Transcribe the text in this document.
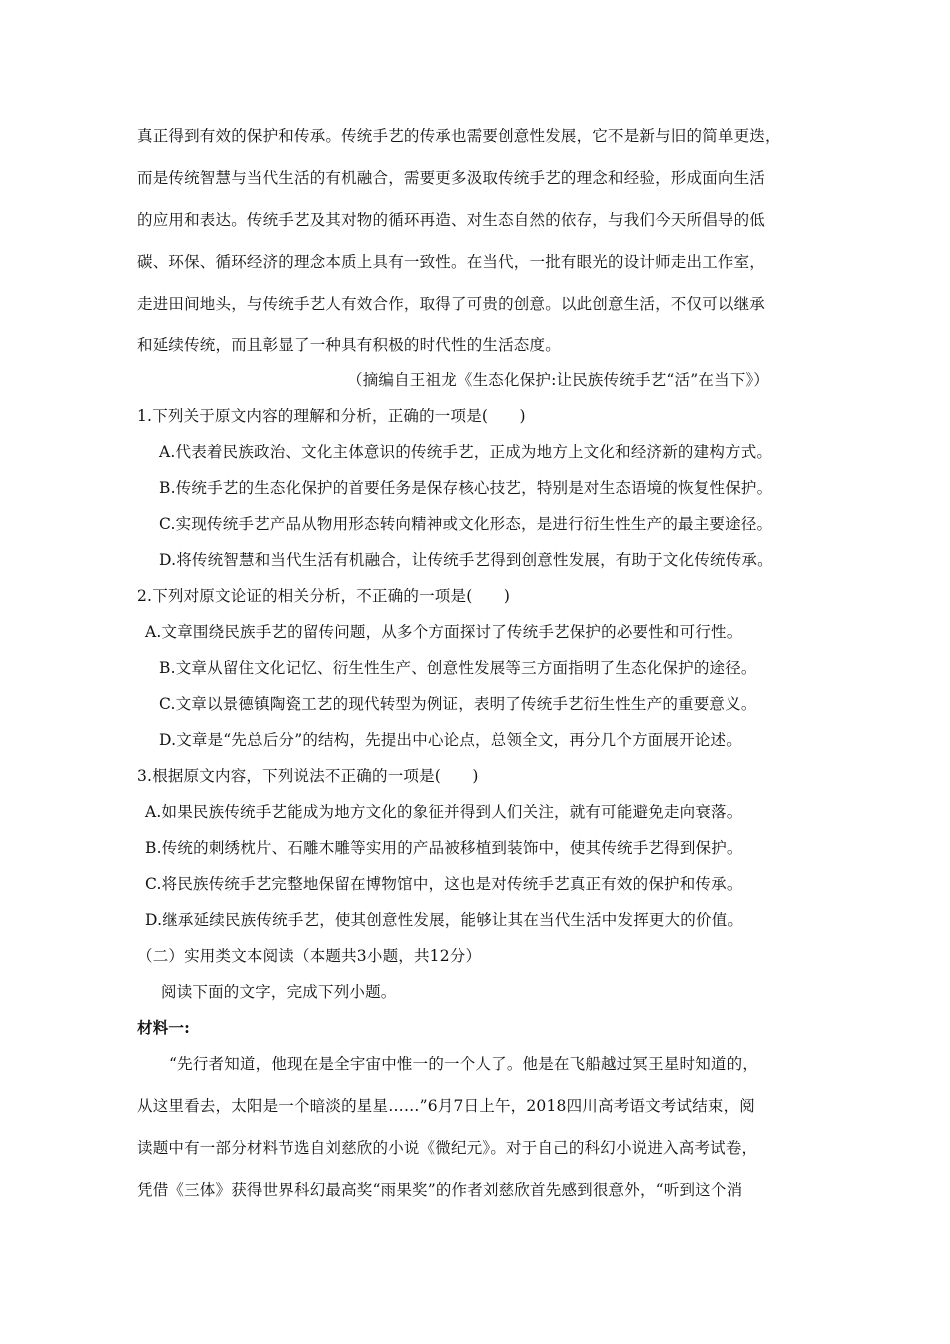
真正得到有效的保护和传承。传统手艺的传承也需要创意性发展，它不是新与旧的简单更迭，
而是传统智慧与当代生活的有机融合，需要更多汲取传统手艺的理念和经验，形成面向生活
的应用和表达。传统手艺及其对物的循环再造、对生态自然的依存，与我们今天所倡导的低
碳、环保、循环经济的理念本质上具有一致性。在当代，一批有眼光的设计师走出工作室，
走进田间地头，与传统手艺人有效合作，取得了可贵的创意。以此创意生活，不仅可以继承
和延续传统，而且彰显了一种具有积极的时代性的生活态度。
（摘编自王祖龙《生态化保护:让民族传统手艺“活”在当下》）
1.下列关于原文内容的理解和分析，正确的一项是(　　)
A.代表着民族政治、文化主体意识的传统手艺，正成为地方上文化和经济新的建构方式。
B.传统手艺的生态化保护的首要任务是保存核心技艺，特别是对生态语境的恢复性保护。
C.实现传统手艺产品从物用形态转向精神或文化形态，是进行衍生性生产的最主要途径。
D.将传统智慧和当代生活有机融合，让传统手艺得到创意性发展，有助于文化传统传承。
2.下列对原文论证的相关分析，不正确的一项是(　　)
A.文章围绕民族手艺的留传问题，从多个方面探讨了传统手艺保护的必要性和可行性。
B.文章从留住文化记忆、衍生性生产、创意性发展等三方面指明了生态化保护的途径。
C.文章以景德镇陶瓷工艺的现代转型为例证，表明了传统手艺衍生性生产的重要意义。
D.文章是“先总后分”的结构，先提出中心论点，总领全文，再分几个方面展开论述。
3.根据原文内容，下列说法不正确的一项是(　　)
A.如果民族传统手艺能成为地方文化的象征并得到人们关注，就有可能避免走向衰落。
B.传统的刺绣枕片、石雕木雕等实用的产品被移植到装饰中，使其传统手艺得到保护。
C.将民族传统手艺完整地保留在博物馆中，这也是对传统手艺真正有效的保护和传承。
D.继承延续民族传统手艺，使其创意性发展，能够让其在当代生活中发挥更大的价值。
（二）实用类文本阅读（本题共3小题，共12分）
阅读下面的文字，完成下列小题。
材料一:
“先行者知道，他现在是全宇宙中惟一的一个人了。他是在飞船越过冥王星时知道的，
从这里看去，太阳是一个暗淡的星星……”6月7日上午，2018四川高考语文考试结束，阅
读题中有一部分材料节选自刘慈欣的小说《微纪元》。对于自己的科幻小说进入高考试卷，
凭借《三体》获得世界科幻最高奖“雨果奖”的作者刘慈欣首先感到很意外，“听到这个消
